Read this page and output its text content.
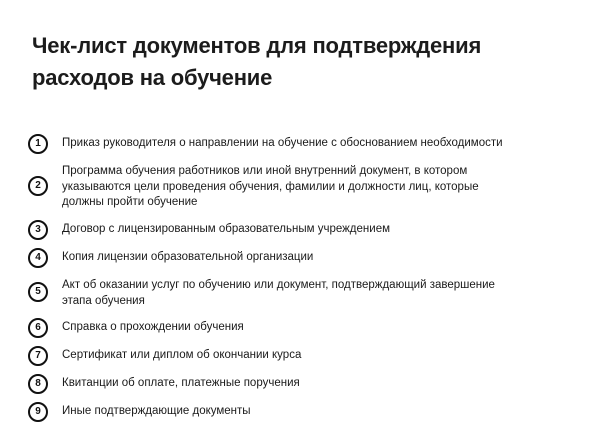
Чек-лист документов для подтверждения
расходов на обучение
1	Приказ руководителя о направлении на обучение с обоснованием необходимости
2
Программа обучения работников или иной внутренний документ, в котором указываются цели проведения обучения, фамилии и должности лиц, которые должны пройти обучение
3	Договор с лицензированным образовательным учреждением
4	Копия лицензии образовательной организации
5
Акт об оказании услуг по обучению или документ, подтверждающий завершение этапа обучения
6	Справка о прохождении обучения
7	Сертификат или диплом об окончании курса
8	Квитанции об оплате, платежные поручения
9	Иные подтверждающие документы
